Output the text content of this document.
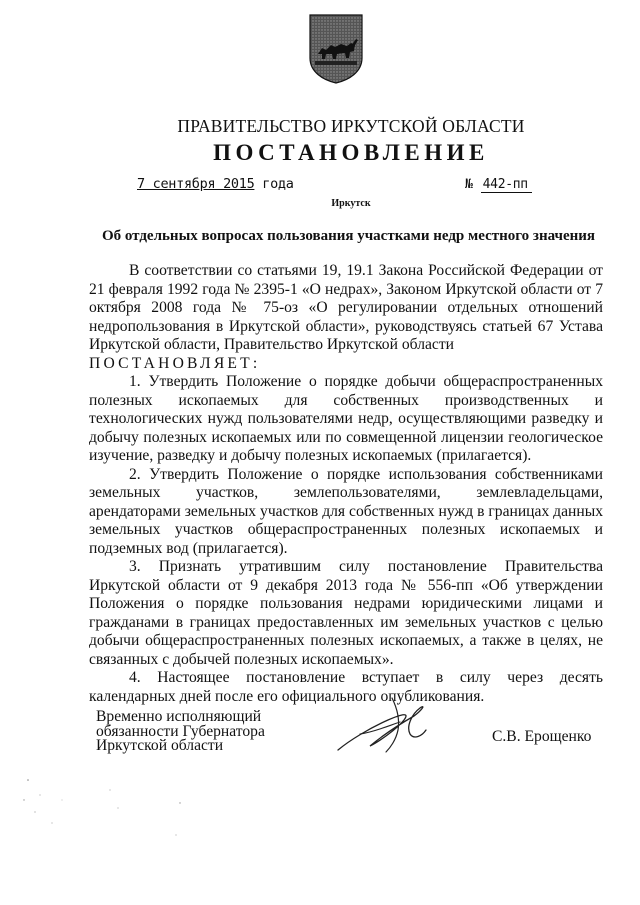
ПРАВИТЕЛЬСТВО ИРКУТСКОЙ ОБЛАСТИ
ПОСТАНОВЛЕНИЕ
7 сентября 2015 года	№ 442-пп
Иркутск
Об отдельных вопросах пользования участками недр местного значения

В соответствии со статьями 19, 19.1 Закона Российской Федерации от 21 февраля 1992 года № 2395-1 «О недрах», Законом Иркутской области от 7 октября 2008 года № 75-оз «О регулировании отдельных отношений недропользования в Иркутской области», руководствуясь статьей 67 Устава Иркутской области, Правительство Иркутской области

ПОСТАНОВЛЯЕТ:

1. Утвердить Положение о порядке добычи общераспространенных полезных ископаемых для собственных производственных и технологических нужд пользователями недр, осуществляющими разведку и добычу полезных ископаемых или по совмещенной лицензии геологическое изучение, разведку и добычу полезных ископаемых (прилагается).

2. Утвердить Положение о порядке использования собственниками земельных участков, землепользователями, землевладельцами, арендаторами земельных участков для собственных нужд в границах данных земельных участков общераспространенных полезных ископаемых и подземных вод (прилагается).

3. Признать утратившим силу постановление Правительства Иркутской области от 9 декабря 2013 года № 556-пп «Об утверждении Положения о порядке пользования недрами юридическими лицами и гражданами в границах предоставленных им земельных участков с целью добычи общераспространенных полезных ископаемых, а также в целях, не связанных с добычей полезных ископаемых».

4. Настоящее постановление вступает в силу через десять календарных дней после его официального опубликования.

Временно исполняющий
обязанности Губернатора
Иркутской области
С.В. Ерощенко
